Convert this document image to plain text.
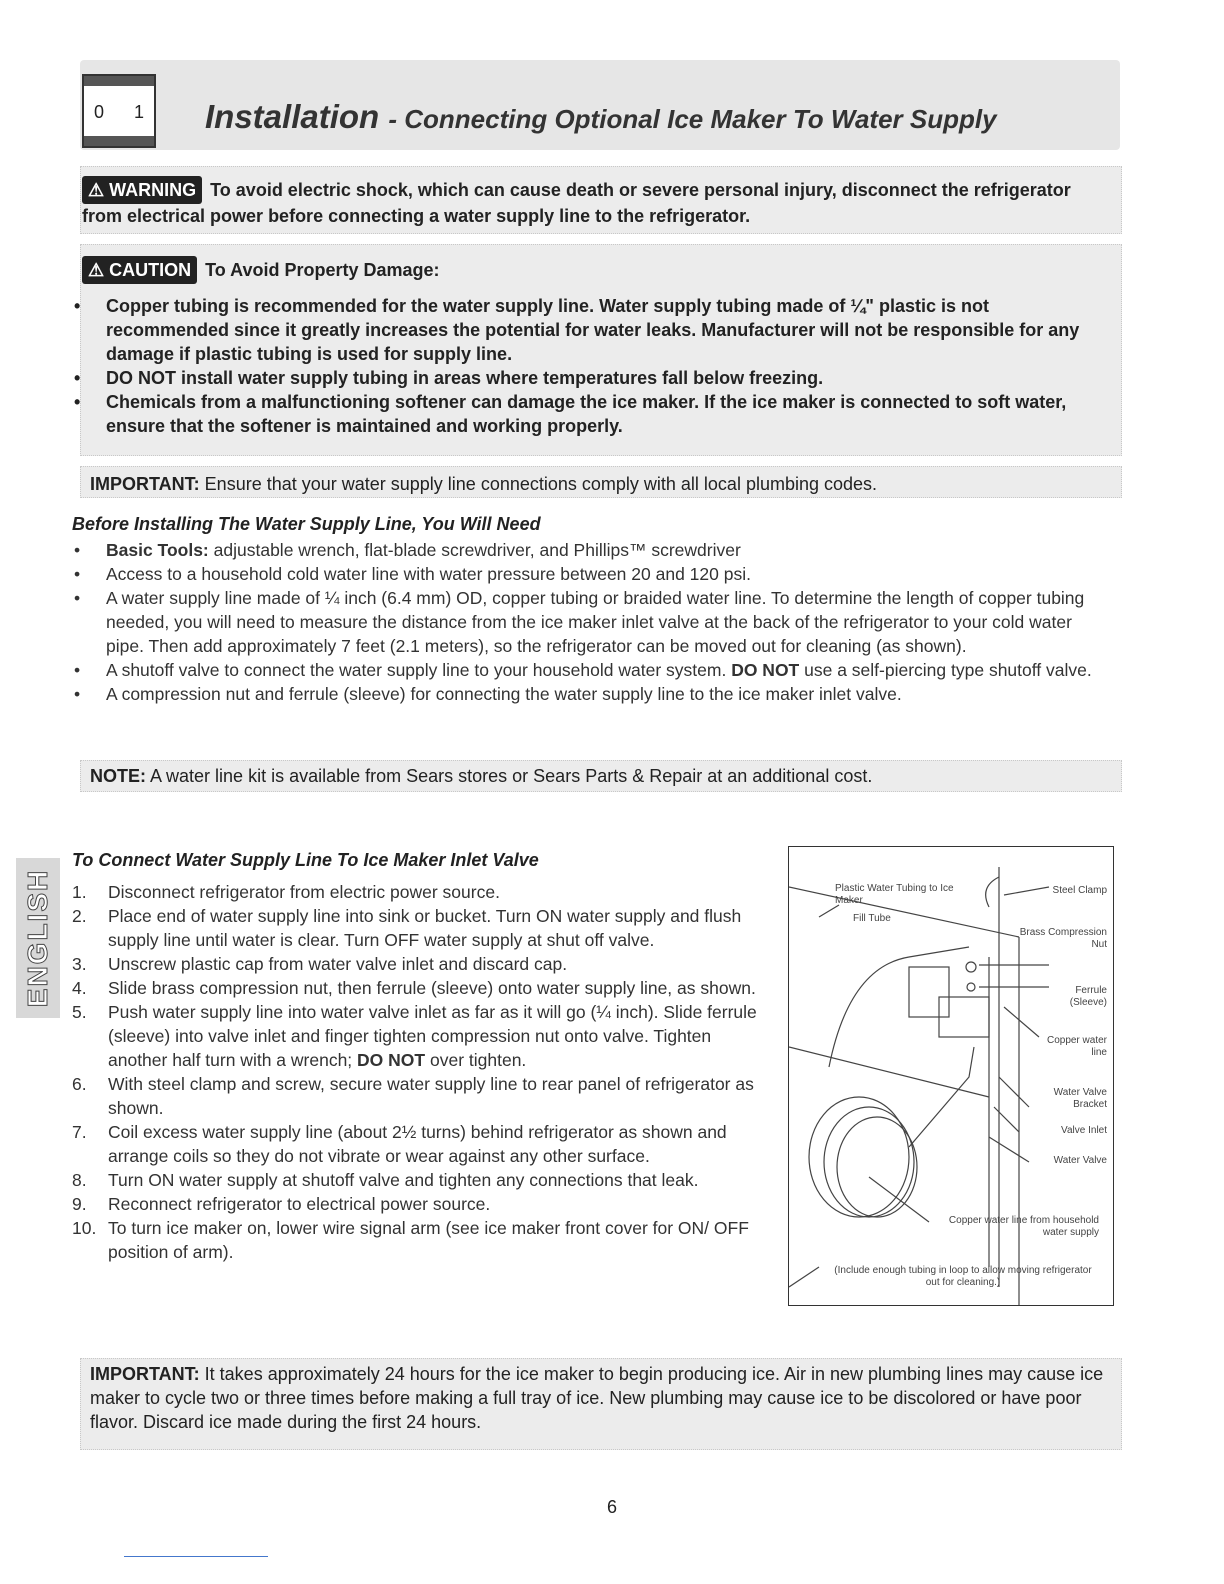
0 1 Installation - Connecting Optional Ice Maker To Water Supply
⚠ WARNING To avoid electric shock, which can cause death or severe personal injury, disconnect the refrigerator from electrical power before connecting a water supply line to the refrigerator.
⚠ CAUTION To Avoid Property Damage:
• Copper tubing is recommended for the water supply line. Water supply tubing made of ¼" plastic is not recommended since it greatly increases the potential for water leaks. Manufacturer will not be responsible for any damage if plastic tubing is used for supply line.
• DO NOT install water supply tubing in areas where temperatures fall below freezing.
• Chemicals from a malfunctioning softener can damage the ice maker. If the ice maker is connected to soft water, ensure that the softener is maintained and working properly.
IMPORTANT: Ensure that your water supply line connections comply with all local plumbing codes.
Before Installing The Water Supply Line, You Will Need
• Basic Tools: adjustable wrench, flat-blade screwdriver, and Phillips™ screwdriver
• Access to a household cold water line with water pressure between 20 and 120 psi.
• A water supply line made of ¼ inch (6.4 mm) OD, copper tubing or braided water line. To determine the length of copper tubing needed, you will need to measure the distance from the ice maker inlet valve at the back of the refrigerator to your cold water pipe. Then add approximately 7 feet (2.1 meters), so the refrigerator can be moved out for cleaning (as shown).
• A shutoff valve to connect the water supply line to your household water system. DO NOT use a self-piercing type shutoff valve.
• A compression nut and ferrule (sleeve) for connecting the water supply line to the ice maker inlet valve.
NOTE: A water line kit is available from Sears stores or Sears Parts & Repair at an additional cost.
ENGLISH
To Connect Water Supply Line To Ice Maker Inlet Valve
1. Disconnect refrigerator from electric power source.
2. Place end of water supply line into sink or bucket. Turn ON water supply and flush supply line until water is clear. Turn OFF water supply at shut off valve.
3. Unscrew plastic cap from water valve inlet and discard cap.
4. Slide brass compression nut, then ferrule (sleeve) onto water supply line, as shown.
5. Push water supply line into water valve inlet as far as it will go (¼ inch). Slide ferrule (sleeve) into valve inlet and finger tighten compression nut onto valve. Tighten another half turn with a wrench; DO NOT over tighten.
6. With steel clamp and screw, secure water supply line to rear panel of refrigerator as shown.
7. Coil excess water supply line (about 2½ turns) behind refrigerator as shown and arrange coils so they do not vibrate or wear against any other surface.
8. Turn ON water supply at shutoff valve and tighten any connections that leak.
9. Reconnect refrigerator to electrical power source.
10. To turn ice maker on, lower wire signal arm (see ice maker front cover for ON/ OFF position of arm).
Plastic Water Tubing to Ice Maker
Fill Tube
Steel Clamp
Brass Compression Nut
Ferrule (Sleeve)
Copper water line
Water Valve Bracket
Valve Inlet
Water Valve
Copper water line from household water supply
(Include enough tubing in loop to allow moving refrigerator out for cleaning.)
IMPORTANT: It takes approximately 24 hours for the ice maker to begin producing ice. Air in new plumbing lines may cause ice maker to cycle two or three times before making a full tray of ice. New plumbing may cause ice to be discolored or have poor flavor. Discard ice made during the first 24 hours.
6
